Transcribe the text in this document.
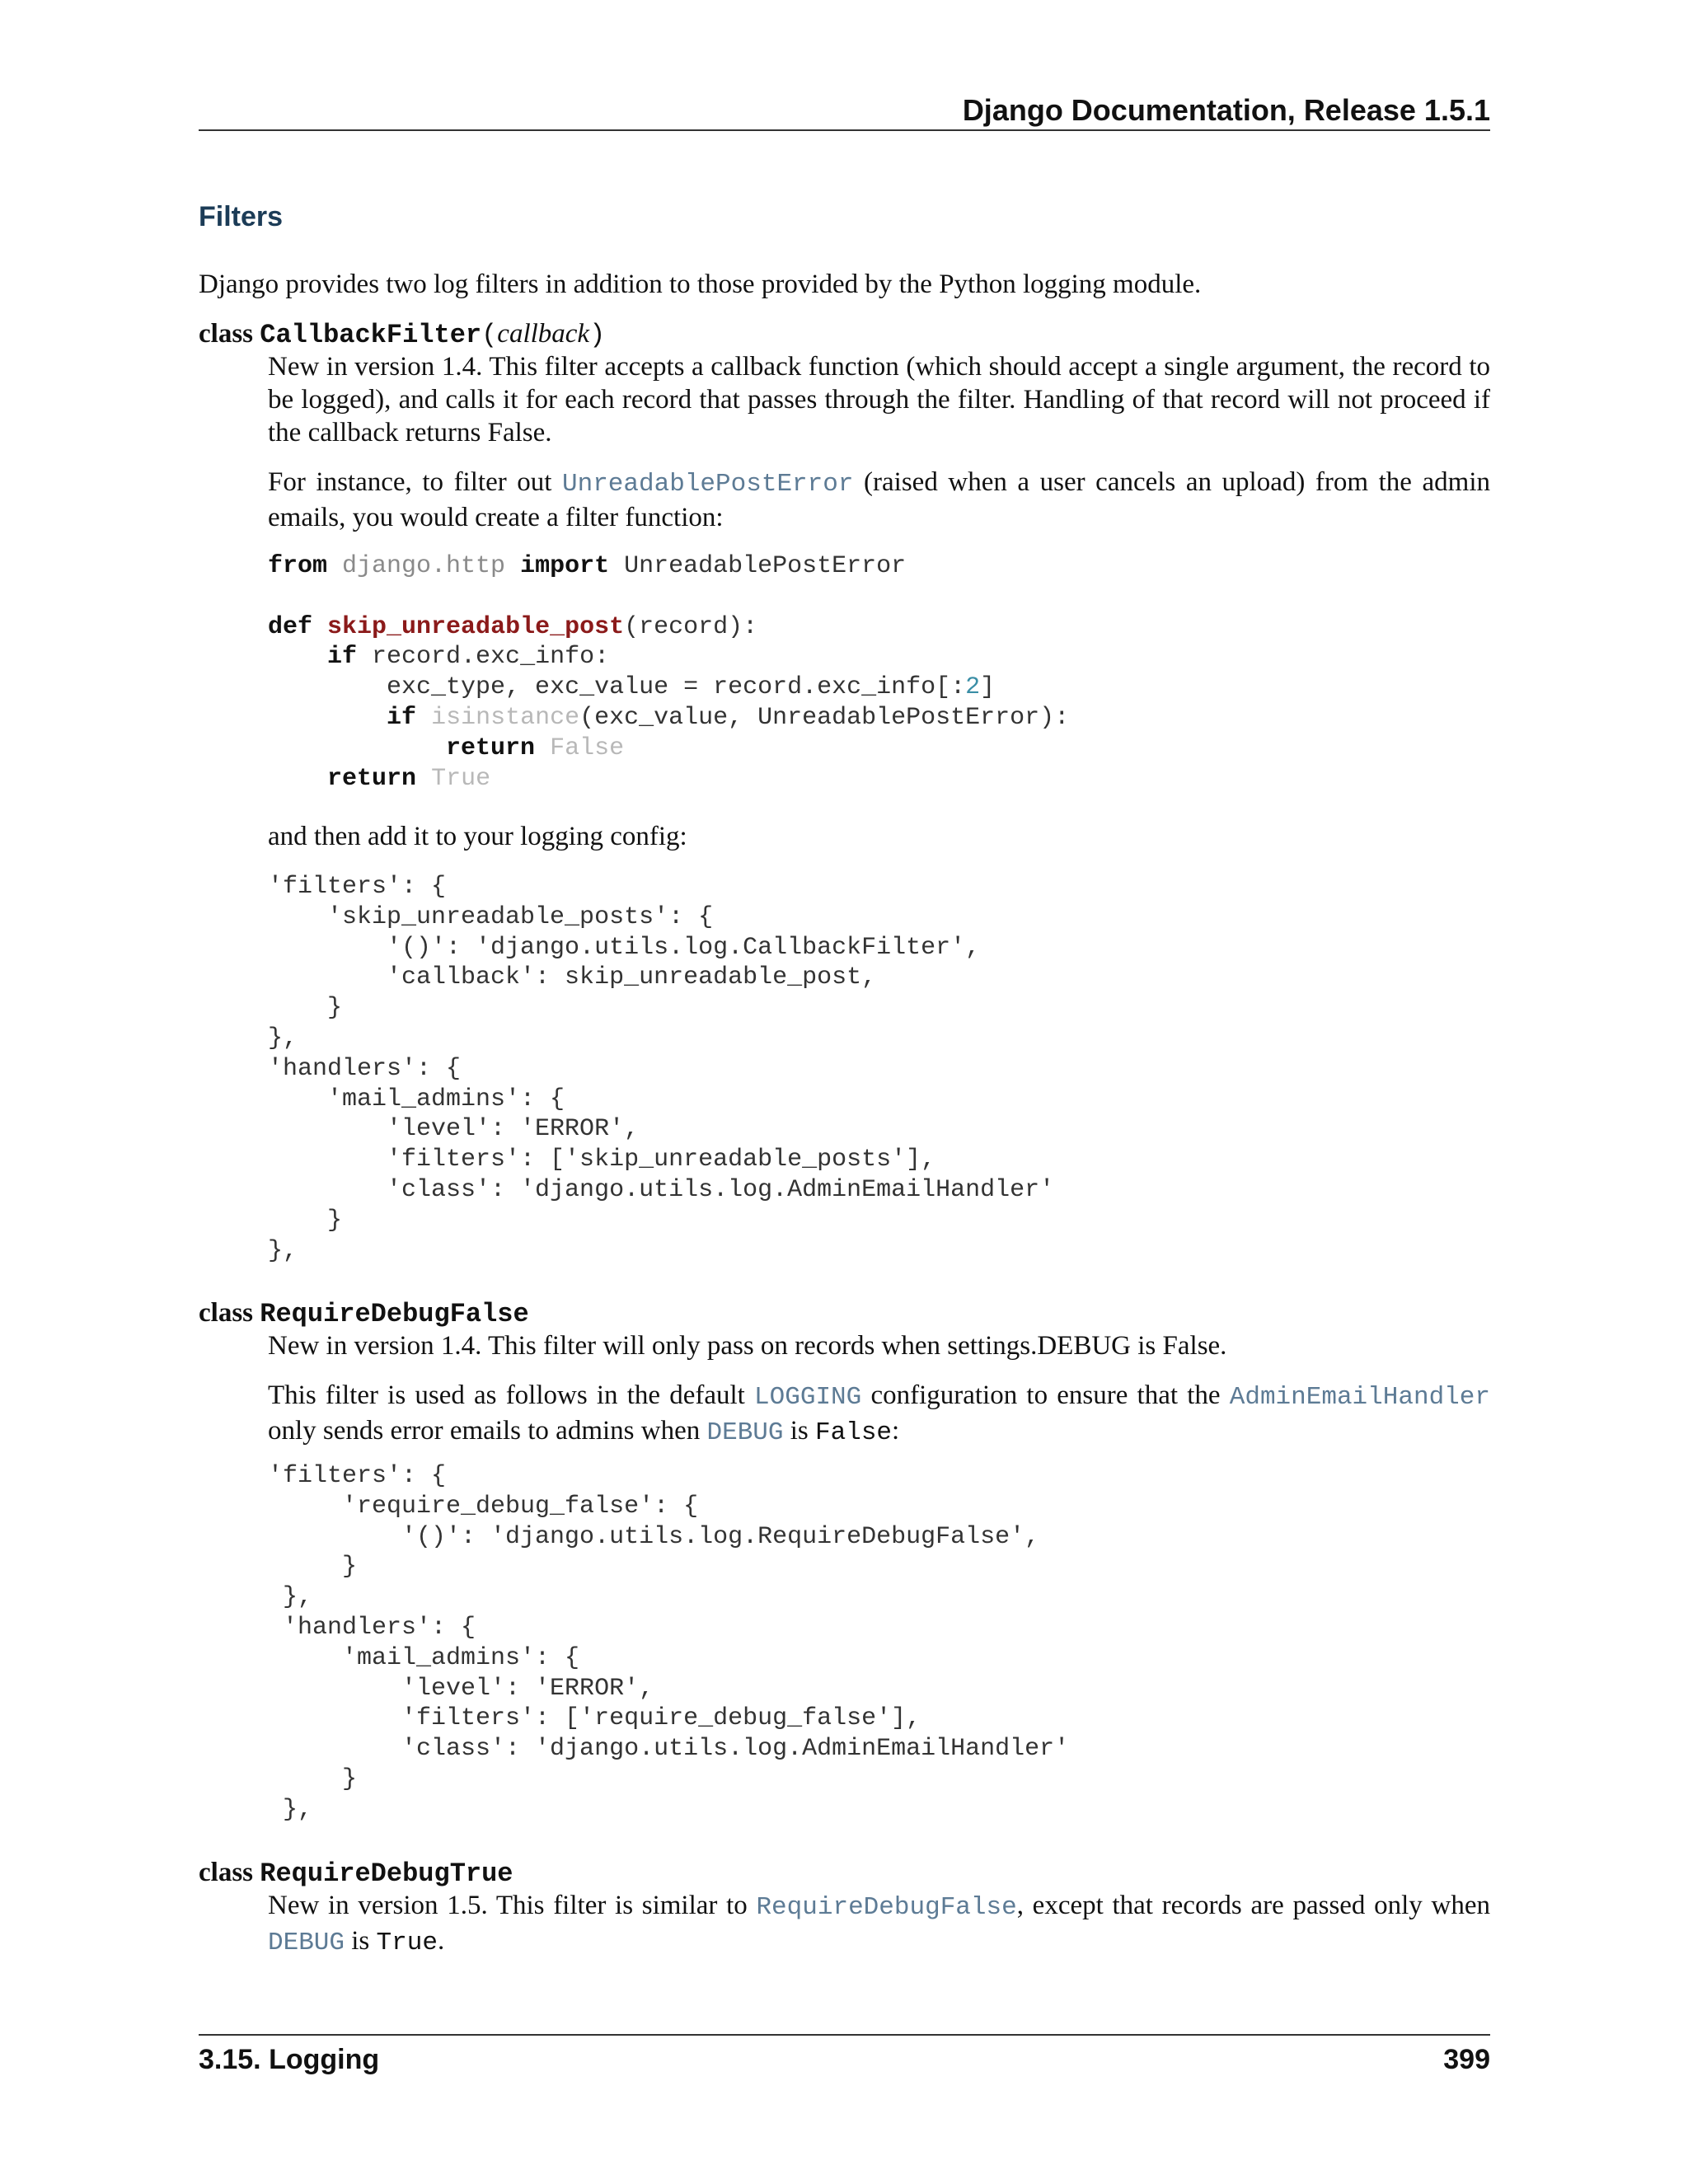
Django Documentation, Release 1.5.1
Filters

Django provides two log filters in addition to those provided by the Python logging module.

class CallbackFilter(callback)

New in version 1.4. This filter accepts a callback function (which should accept a single argument, the record to be logged), and calls it for each record that passes through the filter. Handling of that record will not proceed if the callback returns False.

For instance, to filter out UnreadablePostError (raised when a user cancels an upload) from the admin emails, you would create a filter function:

from django.http import UnreadablePostError

def skip_unreadable_post(record):
if record.exc_info:
exc_type, exc_value = record.exc_info[:2]
if isinstance(exc_value, UnreadablePostError):
return False
return True

and then add it to your logging config:

'filters': {
'skip_unreadable_posts': {
'()': 'django.utils.log.CallbackFilter',
'callback': skip_unreadable_post,
}
},
'handlers': {
'mail_admins': {
'level': 'ERROR',
'filters': ['skip_unreadable_posts'],
'class': 'django.utils.log.AdminEmailHandler'
}
},
class RequireDebugFalse

New in version 1.4. This filter will only pass on records when settings.DEBUG is False.

This filter is used as follows in the default LOGGING configuration to ensure that the AdminEmailHandler only sends error emails to admins when DEBUG is False:

'filters': {
'require_debug_false': {
'()': 'django.utils.log.RequireDebugFalse',
}
},
'handlers': {
'mail_admins': {
'level': 'ERROR',
'filters': ['require_debug_false'],
'class': 'django.utils.log.AdminEmailHandler'
}
},
class RequireDebugTrue

New in version 1.5. This filter is similar to RequireDebugFalse, except that records are passed only when DEBUG is True.

3.15. Logging	399
